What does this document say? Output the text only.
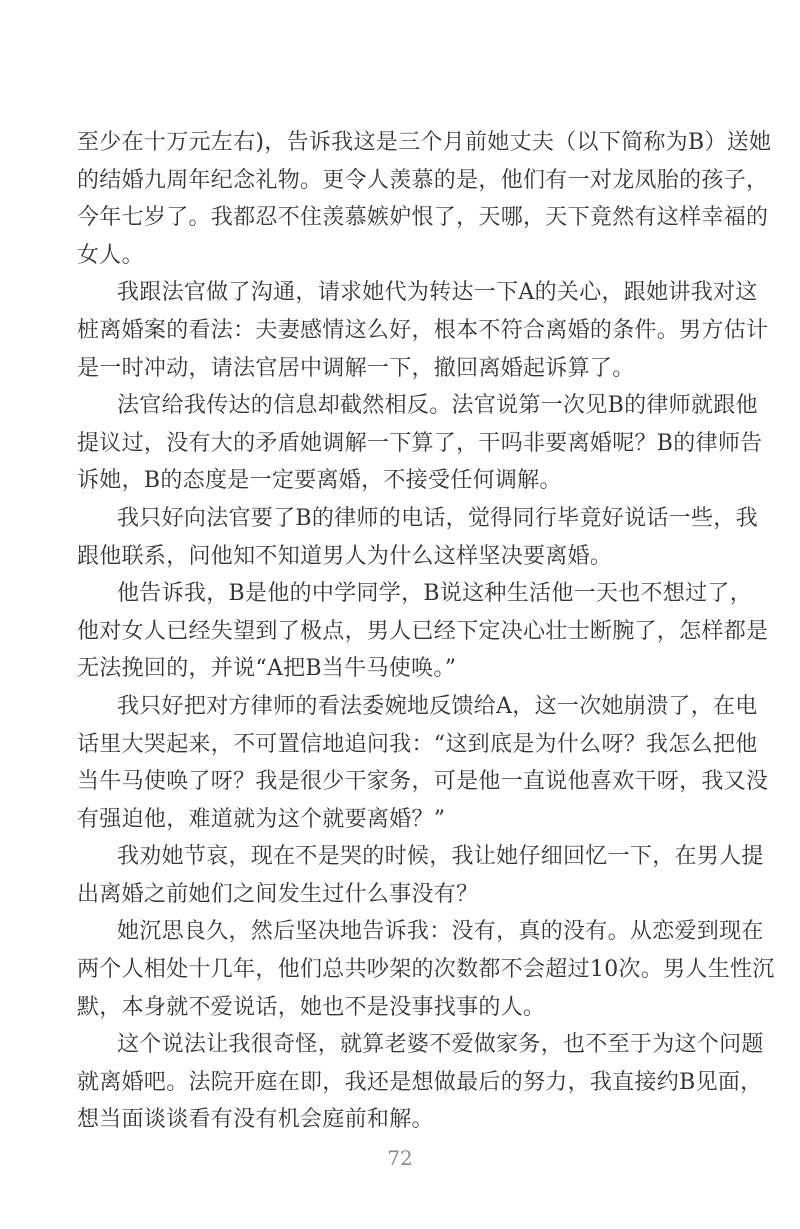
至少在十万元左右)，告诉我这是三个月前她丈夫（以下简称为B）送她
的结婚九周年纪念礼物。更令人羡慕的是，他们有一对龙凤胎的孩子，
今年七岁了。我都忍不住羡慕嫉妒恨了，天哪，天下竟然有这样幸福的
女人。
我跟法官做了沟通，请求她代为转达一下A的关心，跟她讲我对这
桩离婚案的看法：夫妻感情这么好，根本不符合离婚的条件。男方估计
是一时冲动，请法官居中调解一下，撤回离婚起诉算了。
法官给我传达的信息却截然相反。法官说第一次见B的律师就跟他
提议过，没有大的矛盾她调解一下算了，干吗非要离婚呢？B的律师告
诉她，B的态度是一定要离婚，不接受任何调解。
我只好向法官要了B的律师的电话，觉得同行毕竟好说话一些，我
跟他联系，问他知不知道男人为什么这样坚决要离婚。
他告诉我，B是他的中学同学，B说这种生活他一天也不想过了，
他对女人已经失望到了极点，男人已经下定决心壮士断腕了，怎样都是
无法挽回的，并说“A把B当牛马使唤。”
我只好把对方律师的看法委婉地反馈给A，这一次她崩溃了，在电
话里大哭起来，不可置信地追问我：“这到底是为什么呀？我怎么把他
当牛马使唤了呀？我是很少干家务，可是他一直说他喜欢干呀，我又没
有强迫他，难道就为这个就要离婚？”
我劝她节哀，现在不是哭的时候，我让她仔细回忆一下，在男人提
出离婚之前她们之间发生过什么事没有？
她沉思良久，然后坚决地告诉我：没有，真的没有。从恋爱到现在
两个人相处十几年，他们总共吵架的次数都不会超过10次。男人生性沉
默，本身就不爱说话，她也不是没事找事的人。
这个说法让我很奇怪，就算老婆不爱做家务，也不至于为这个问题
就离婚吧。法院开庭在即，我还是想做最后的努力，我直接约B见面，
想当面谈谈看有没有机会庭前和解。
72
